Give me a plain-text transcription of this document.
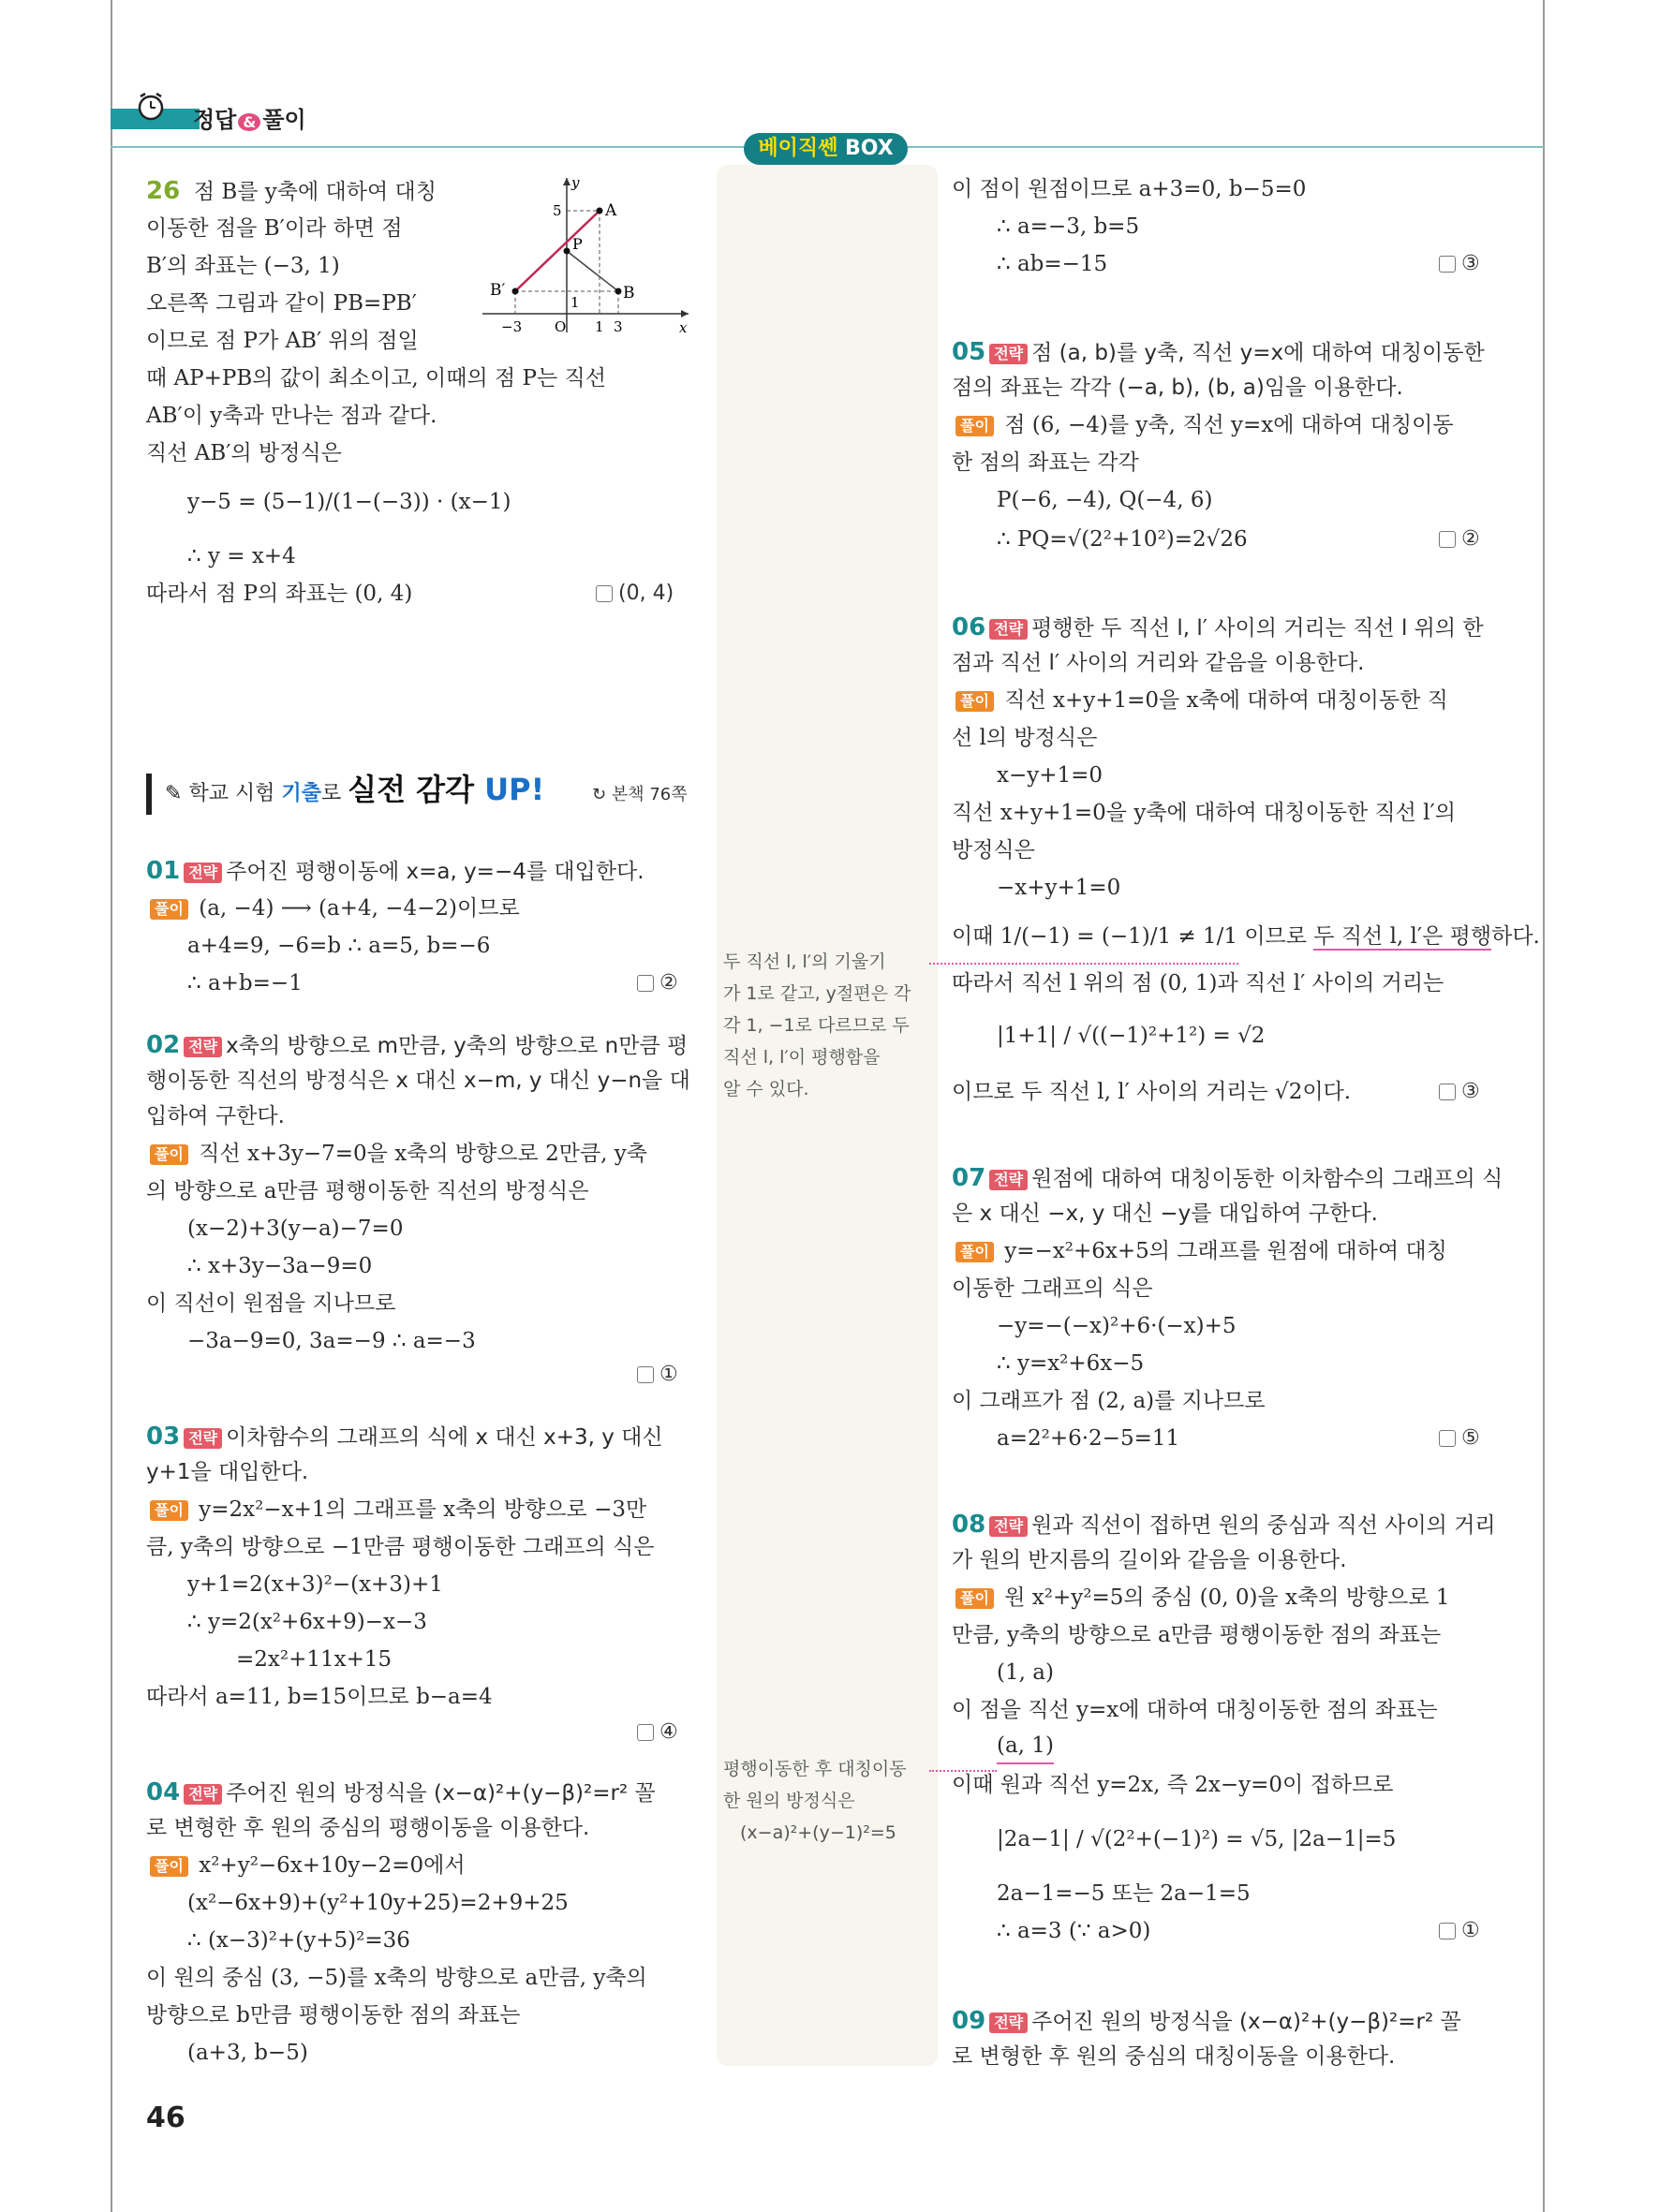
정답 & 풀이
베이직쎈 BOX
26 점 B를 y축에 대하여 대칭
이동한 점을 B′이라 하면 점
B′의 좌표는 (−3, 1)
오른쪽 그림과 같이 PB=PB′
이므로 점 P가 AB′ 위의 점일
때 AP+PB의 값이 최소이고, 이때의 점 P는 직선
AB′이 y축과 만나는 점과 같다.
직선 AB′의 방정식은
y−5 = (5−1)/(1−(−3)) · (x−1)
∴ y = x+4
따라서 점 P의 좌표는 (0, 4)	(0, 4)
y
x
A
B′	B
P
5
1
−3 O 1 3
✎ 학교 시험 기출로 실전 감각 UP!	↻ 본책 76쪽
01 전략 주어진 평행이동에 x=a, y=−4를 대입한다.
풀이 (a, −4) ⟶ (a+4, −4−2)이므로
a+4=9, −6=b ∴ a=5, b=−6
∴ a+b=−1	②
02 전략 x축의 방향으로 m만큼, y축의 방향으로 n만큼 평
행이동한 직선의 방정식은 x 대신 x−m, y 대신 y−n을 대
입하여 구한다.
풀이 직선 x+3y−7=0을 x축의 방향으로 2만큼, y축
의 방향으로 a만큼 평행이동한 직선의 방정식은
(x−2)+3(y−a)−7=0
∴ x+3y−3a−9=0
이 직선이 원점을 지나므로
−3a−9=0, 3a=−9 ∴ a=−3
①
03 전략 이차함수의 그래프의 식에 x 대신 x+3, y 대신
y+1을 대입한다.
풀이 y=2x²−x+1의 그래프를 x축의 방향으로 −3만
큼, y축의 방향으로 −1만큼 평행이동한 그래프의 식은
y+1=2(x+3)²−(x+3)+1
∴ y=2(x²+6x+9)−x−3
=2x²+11x+15
따라서 a=11, b=15이므로 b−a=4
④
04 전략 주어진 원의 방정식을 (x−α)²+(y−β)²=r² 꼴
로 변형한 후 원의 중심의 평행이동을 이용한다.
풀이 x²+y²−6x+10y−2=0에서
(x²−6x+9)+(y²+10y+25)=2+9+25
∴ (x−3)²+(y+5)²=36
이 원의 중심 (3, −5)를 x축의 방향으로 a만큼, y축의
방향으로 b만큼 평행이동한 점의 좌표는
(a+3, b−5)
46
두 직선 l, l′의 기울기
가 1로 같고, y절편은 각
각 1, −1로 다르므로 두
직선 l, l′이 평행함을
알 수 있다.
평행이동한 후 대칭이동
한 원의 방정식은
(x−a)²+(y−1)²=5
이 점이 원점이므로 a+3=0, b−5=0
∴ a=−3, b=5
∴ ab=−15	③
05 전략 점 (a, b)를 y축, 직선 y=x에 대하여 대칭이동한
점의 좌표는 각각 (−a, b), (b, a)임을 이용한다.
풀이 점 (6, −4)를 y축, 직선 y=x에 대하여 대칭이동
한 점의 좌표는 각각
P(−6, −4), Q(−4, 6)
∴ PQ=√(2²+10²)=2√26	②
06 전략 평행한 두 직선 l, l′ 사이의 거리는 직선 l 위의 한
점과 직선 l′ 사이의 거리와 같음을 이용한다.
풀이 직선 x+y+1=0을 x축에 대하여 대칭이동한 직
선 l의 방정식은
x−y+1=0
직선 x+y+1=0을 y축에 대하여 대칭이동한 직선 l′의
방정식은
−x+y+1=0
이때 1/(−1) = (−1)/1 ≠ 1/1 이므로 두 직선 l, l′은 평행하다.
따라서 직선 l 위의 점 (0, 1)과 직선 l′ 사이의 거리는
|1+1| / √((−1)²+1²) = √2
이므로 두 직선 l, l′ 사이의 거리는 √2이다.	③
07 전략 원점에 대하여 대칭이동한 이차함수의 그래프의 식
은 x 대신 −x, y 대신 −y를 대입하여 구한다.
풀이 y=−x²+6x+5의 그래프를 원점에 대하여 대칭
이동한 그래프의 식은
−y=−(−x)²+6·(−x)+5
∴ y=x²+6x−5
이 그래프가 점 (2, a)를 지나므로
a=2²+6·2−5=11	⑤
08 전략 원과 직선이 접하면 원의 중심과 직선 사이의 거리
가 원의 반지름의 길이와 같음을 이용한다.
풀이 원 x²+y²=5의 중심 (0, 0)을 x축의 방향으로 1
만큼, y축의 방향으로 a만큼 평행이동한 점의 좌표는
(1, a)
이 점을 직선 y=x에 대하여 대칭이동한 점의 좌표는
(a, 1)
이때 원과 직선 y=2x, 즉 2x−y=0이 접하므로
|2a−1| / √(2²+(−1)²) = √5, |2a−1|=5
2a−1=−5 또는 2a−1=5
∴ a=3 (∵ a>0)	①
09 전략 주어진 원의 방정식을 (x−α)²+(y−β)²=r² 꼴
로 변형한 후 원의 중심의 대칭이동을 이용한다.
